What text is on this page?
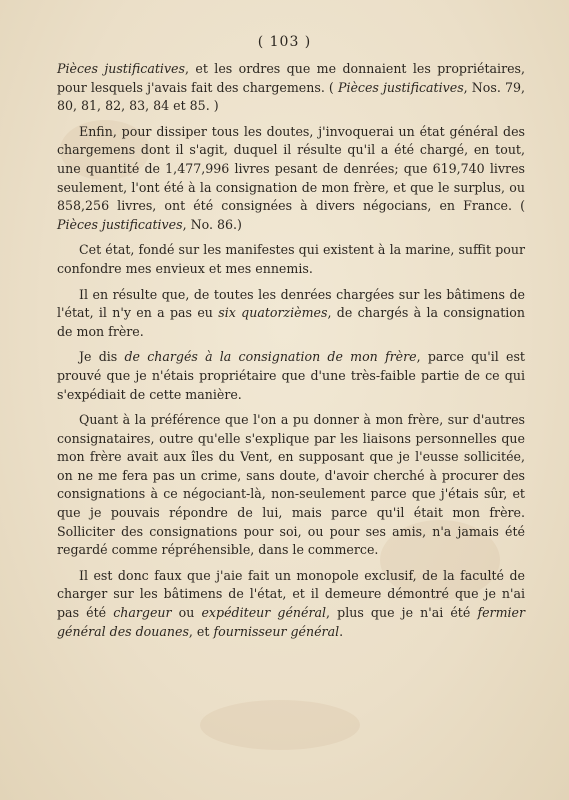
( 103 )

Pièces justificatives, et les ordres que me donnaient les propriétaires, pour lesquels j'avais fait des chargemens. ( Pièces justificatives, Nos. 79, 80, 81, 82, 83, 84 et 85. )

Enfin, pour dissiper tous les doutes, j'invoquerai un état général des chargemens dont il s'agit, duquel il résulte qu'il a été chargé, en tout, une quantité de 1,477,996 livres pesant de denrées; que 619,740 livres seulement, l'ont été à la consignation de mon frère, et que le surplus, ou 858,256 livres, ont été consignées à divers négocians, en France. ( Pièces justificatives, No. 86.)

Cet état, fondé sur les manifestes qui existent à la marine, suffit pour confondre mes envieux et mes ennemis.

Il en résulte que, de toutes les denrées chargées sur les bâtimens de l'état, il n'y en a pas eu six quatorzièmes, de chargés à la consignation de mon frère.

Je dis de chargés à la consignation de mon frère, parce qu'il est prouvé que je n'étais propriétaire que d'une très-faible partie de ce qui s'expédiait de cette manière.

Quant à la préférence que l'on a pu donner à mon frère, sur d'autres consignataires, outre qu'elle s'explique par les liaisons personnelles que mon frère avait aux îles du Vent, en supposant que je l'eusse sollicitée, on ne me fera pas un crime, sans doute, d'avoir cherché à procurer des consignations à ce négociant-là, non-seulement parce que j'étais sûr, et que je pouvais répondre de lui, mais parce qu'il était mon frère. Solliciter des consignations pour soi, ou pour ses amis, n'a jamais été regardé comme répréhensible, dans le commerce.

Il est donc faux que j'aie fait un monopole exclusif, de la faculté de charger sur les bâtimens de l'état, et il demeure démontré que je n'ai pas été chargeur ou expéditeur général, plus que je n'ai été fermier général des douanes, et fournisseur général.
